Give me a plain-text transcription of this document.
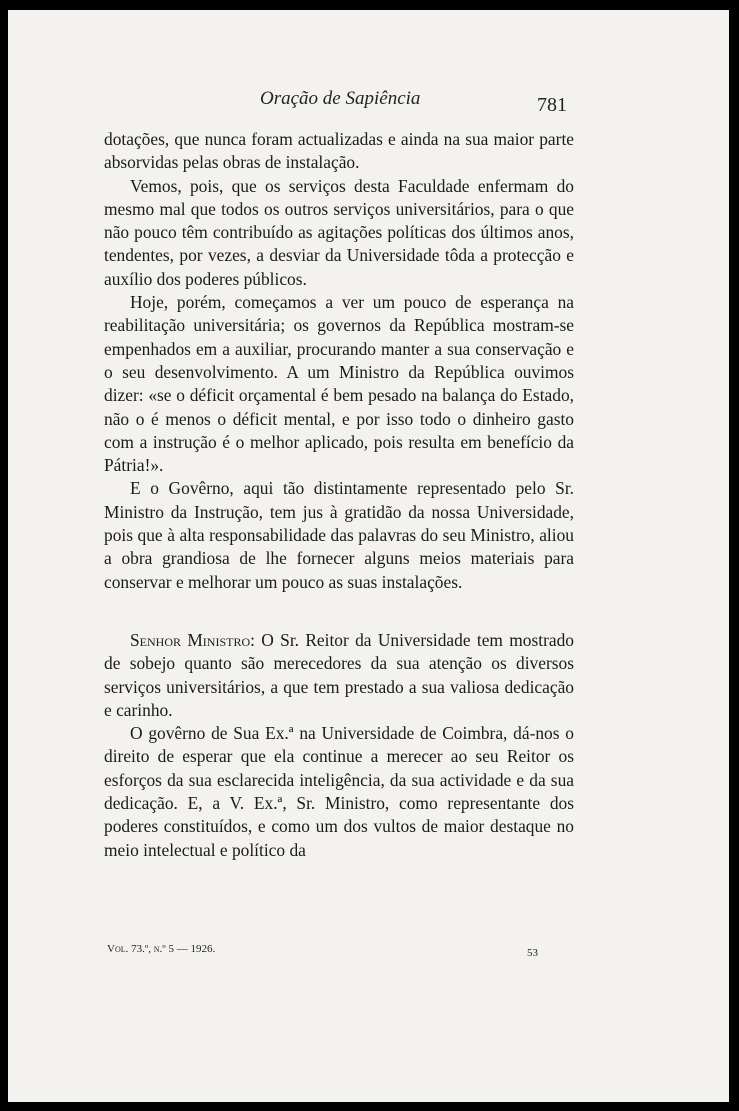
Oração de Sapiência	781

dotações, que nunca foram actualizadas e ainda na sua maior parte absorvidas pelas obras de instalação.

Vemos, pois, que os serviços desta Faculdade enfermam do mesmo mal que todos os outros serviços universitários, para o que não pouco têm contribuído as agitações políticas dos últimos anos, tendentes, por vezes, a desviar da Universidade tôda a protecção e auxílio dos poderes públicos.

Hoje, porém, começamos a ver um pouco de esperança na reabilitação universitária; os governos da República mostram-se empenhados em a auxiliar, procurando manter a sua conservação e o seu desenvolvimento. A um Ministro da República ouvimos dizer: «se o déficit orçamental é bem pesado na balança do Estado, não o é menos o déficit mental, e por isso todo o dinheiro gasto com a instrução é o melhor aplicado, pois resulta em benefício da Pátria!».

E o Govêrno, aqui tão distintamente representado pelo Sr. Ministro da Instrução, tem jus à gratidão da nossa Universidade, pois que à alta responsabilidade das palavras do seu Ministro, aliou a obra grandiosa de lhe fornecer alguns meios materiais para conservar e melhorar um pouco as suas instalações.

Senhor Ministro: O Sr. Reitor da Universidade tem mostrado de sobejo quanto são merecedores da sua atenção os diversos serviços universitários, a que tem prestado a sua valiosa dedicação e carinho.

O govêrno de Sua Ex.ª na Universidade de Coimbra, dá-nos o direito de esperar que ela continue a merecer ao seu Reitor os esforços da sua esclarecida inteligência, da sua actividade e da sua dedicação. E, a V. Ex.ª, Sr. Ministro, como representante dos poderes constituídos, e como um dos vultos de maior destaque no meio intelectual e político da

Vol. 73.º, n.º 5 — 1926.	53
